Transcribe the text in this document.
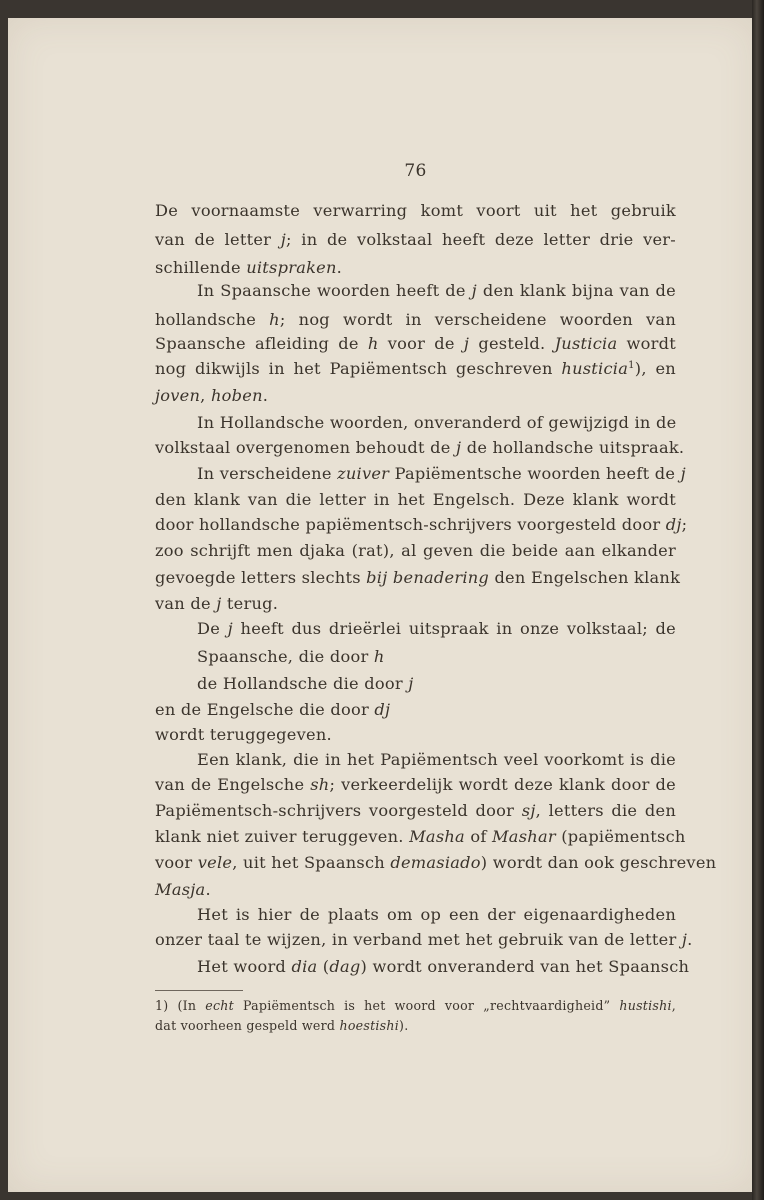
76
De voornaamste verwarring komt voort uit het gebruik
van de letter j; in de volkstaal heeft deze letter drie ver-
schillende uitspraken.
In Spaansche woorden heeft de j den klank bijna van de
hollandsche h; nog wordt in verscheidene woorden van
Spaansche afleiding de h voor de j gesteld. Justicia wordt
nog dikwijls in het Papiëmentsch geschreven husticia$^1$), en
joven, hoben.
In Hollandsche woorden, onveranderd of gewijzigd in de
volkstaal overgenomen behoudt de j de hollandsche uitspraak.
In verscheidene zuiver Papiëmentsche woorden heeft de j
den klank van die letter in het Engelsch. Deze klank wordt
door hollandsche papiëmentsch-schrijvers voorgesteld door dj;
zoo schrijft men djaka (rat), al geven die beide aan elkander
gevoegde letters slechts bij benadering den Engelschen klank
van de j terug.
De j heeft dus drieërlei uitspraak in onze volkstaal; de
Spaansche, die door h
de Hollandsche die door j
en de Engelsche die door dj
wordt teruggegeven.
Een klank, die in het Papiëmentsch veel voorkomt is die
van de Engelsche sh; verkeerdelijk wordt deze klank door de
Papiëmentsch-schrijvers voorgesteld door sj, letters die den
klank niet zuiver teruggeven. Masha of Mashar (papiëmentsch
voor vele, uit het Spaansch demasiado) wordt dan ook geschreven
Masja.
Het is hier de plaats om op een der eigenaardigheden
onzer taal te wijzen, in verband met het gebruik van de letter j.
Het woord dia (dag) wordt onveranderd van het Spaansch
1) (In echt Papiëmentsch is het woord voor „rechtvaardigheid” hustishi,
dat voorheen gespeld werd hoestishi).
